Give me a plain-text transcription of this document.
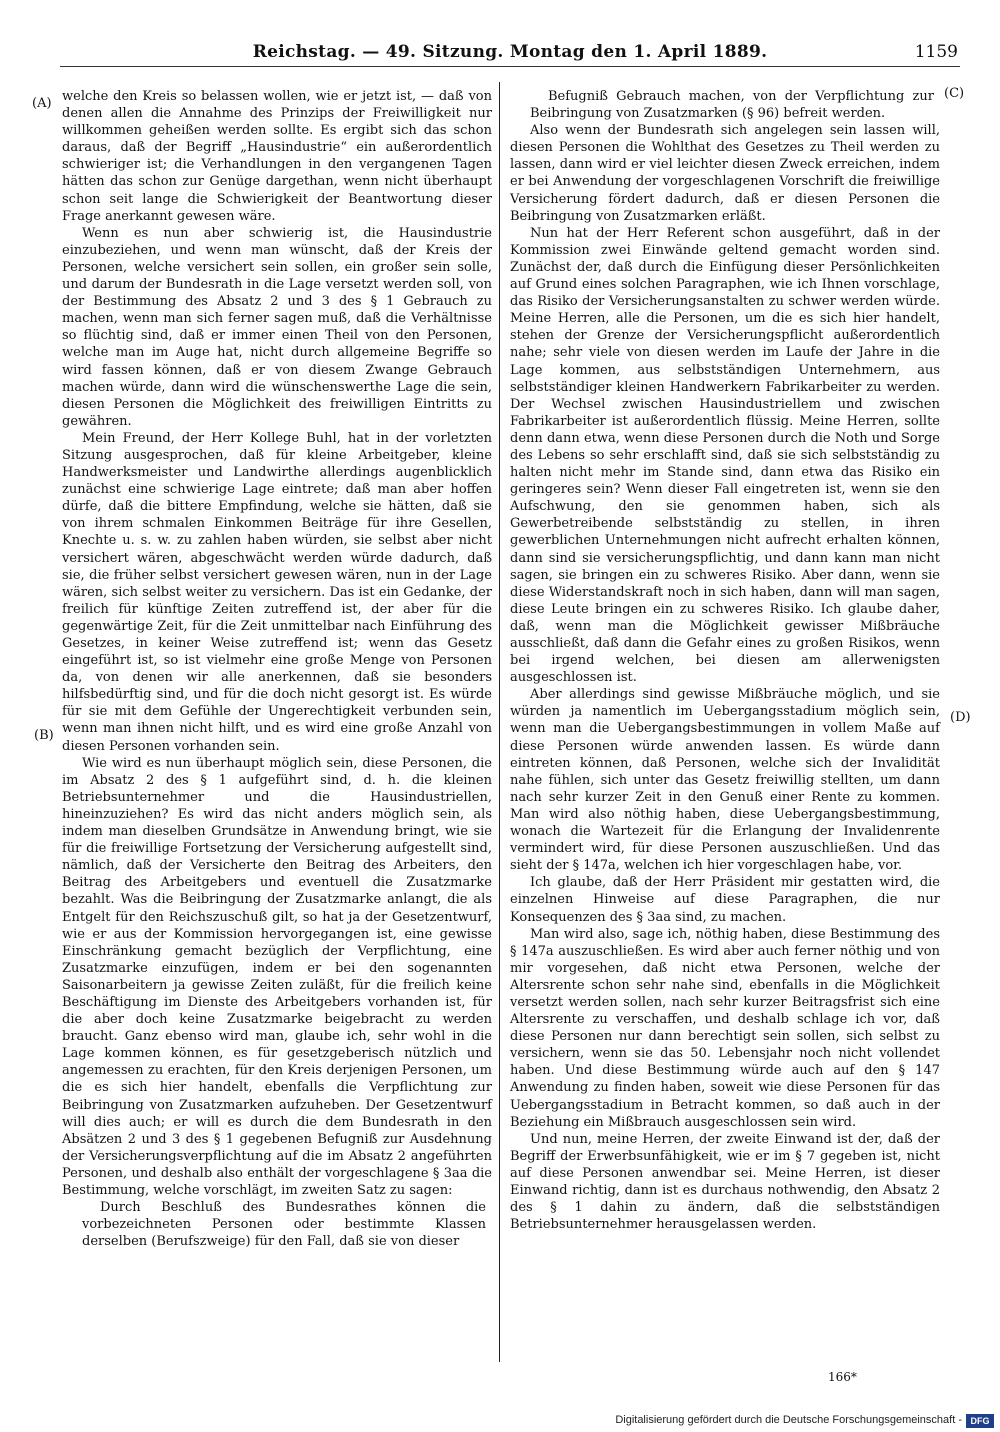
Reichstag. — 49. Sitzung. Montag den 1. April 1889.	1159
(A)
(B)
(C)
(D)

welche den Kreis so belassen wollen, wie er jetzt ist, — daß von denen allen die Annahme des Prinzips der Freiwilligkeit nur willkommen geheißen werden sollte. Es ergibt sich das schon daraus, daß der Begriff „Hausindustrie“ ein außerordentlich schwieriger ist; die Verhandlungen in den vergangenen Tagen hätten das schon zur Genüge dargethan, wenn nicht überhaupt schon seit lange die Schwierigkeit der Beantwortung dieser Frage anerkannt gewesen wäre.

Wenn es nun aber schwierig ist, die Hausindustrie einzubeziehen, und wenn man wünscht, daß der Kreis der Personen, welche versichert sein sollen, ein großer sein solle, und darum der Bundesrath in die Lage versetzt werden soll, von der Bestimmung des Absatz 2 und 3 des § 1 Gebrauch zu machen, wenn man sich ferner sagen muß, daß die Verhältnisse so flüchtig sind, daß er immer einen Theil von den Personen, welche man im Auge hat, nicht durch allgemeine Begriffe so wird fassen können, daß er von diesem Zwange Gebrauch machen würde, dann wird die wünschenswerthe Lage die sein, diesen Personen die Möglichkeit des freiwilligen Eintritts zu gewähren.

Mein Freund, der Herr Kollege Buhl, hat in der vorletzten Sitzung ausgesprochen, daß für kleine Arbeitgeber, kleine Handwerksmeister und Landwirthe allerdings augenblicklich zunächst eine schwierige Lage eintrete; daß man aber hoffen dürfe, daß die bittere Empfindung, welche sie hätten, daß sie von ihrem schmalen Einkommen Beiträge für ihre Gesellen, Knechte u. s. w. zu zahlen haben würden, sie selbst aber nicht versichert wären, abgeschwächt werden würde dadurch, daß sie, die früher selbst versichert gewesen wären, nun in der Lage wären, sich selbst weiter zu versichern. Das ist ein Gedanke, der freilich für künftige Zeiten zutreffend ist, der aber für die gegenwärtige Zeit, für die Zeit unmittelbar nach Einführung des Gesetzes, in keiner Weise zutreffend ist; wenn das Gesetz eingeführt ist, so ist vielmehr eine große Menge von Personen da, von denen wir alle anerkennen, daß sie besonders hilfsbedürftig sind, und für die doch nicht gesorgt ist. Es würde für sie mit dem Gefühle der Ungerechtigkeit verbunden sein, wenn man ihnen nicht hilft, und es wird eine große Anzahl von diesen Personen vorhanden sein.

Wie wird es nun überhaupt möglich sein, diese Personen, die im Absatz 2 des § 1 aufgeführt sind, d. h. die kleinen Betriebsunternehmer und die Hausindustriellen, hineinzuziehen? Es wird das nicht anders möglich sein, als indem man dieselben Grundsätze in Anwendung bringt, wie sie für die freiwillige Fortsetzung der Versicherung aufgestellt sind, nämlich, daß der Versicherte den Beitrag des Arbeiters, den Beitrag des Arbeitgebers und eventuell die Zusatzmarke bezahlt. Was die Beibringung der Zusatzmarke anlangt, die als Entgelt für den Reichszuschuß gilt, so hat ja der Gesetzentwurf, wie er aus der Kommission hervorgegangen ist, eine gewisse Einschränkung gemacht bezüglich der Verpflichtung, eine Zusatzmarke einzufügen, indem er bei den sogenannten Saisonarbeitern ja gewisse Zeiten zuläßt, für die freilich keine Beschäftigung im Dienste des Arbeitgebers vorhanden ist, für die aber doch keine Zusatzmarke beigebracht zu werden braucht. Ganz ebenso wird man, glaube ich, sehr wohl in die Lage kommen können, es für gesetzgeberisch nützlich und angemessen zu erachten, für den Kreis derjenigen Personen, um die es sich hier handelt, ebenfalls die Verpflichtung zur Beibringung von Zusatzmarken aufzuheben. Der Gesetzentwurf will dies auch; er will es durch die dem Bundesrath in den Absätzen 2 und 3 des § 1 gegebenen Befugniß zur Ausdehnung der Versicherungsverpflichtung auf die im Absatz 2 angeführten Personen, und deshalb also enthält der vorgeschlagene § 3aa die Bestimmung, welche vorschlägt, im zweiten Satz zu sagen:

Durch Beschluß des Bundesrathes können die vorbezeichneten Personen oder bestimmte Klassen derselben (Berufszweige) für den Fall, daß sie von dieser

Befugniß Gebrauch machen, von der Verpflichtung zur Beibringung von Zusatzmarken (§ 96) befreit werden.

Also wenn der Bundesrath sich angelegen sein lassen will, diesen Personen die Wohlthat des Gesetzes zu Theil werden zu lassen, dann wird er viel leichter diesen Zweck erreichen, indem er bei Anwendung der vorgeschlagenen Vorschrift die freiwillige Versicherung fördert dadurch, daß er diesen Personen die Beibringung von Zusatzmarken erläßt.

Nun hat der Herr Referent schon ausgeführt, daß in der Kommission zwei Einwände geltend gemacht worden sind. Zunächst der, daß durch die Einfügung dieser Persönlichkeiten auf Grund eines solchen Paragraphen, wie ich Ihnen vorschlage, das Risiko der Versicherungsanstalten zu schwer werden würde. Meine Herren, alle die Personen, um die es sich hier handelt, stehen der Grenze der Versicherungspflicht außerordentlich nahe; sehr viele von diesen werden im Laufe der Jahre in die Lage kommen, aus selbstständigen Unternehmern, aus selbstständiger kleinen Handwerkern Fabrikarbeiter zu werden. Der Wechsel zwischen Hausindustriellem und zwischen Fabrikarbeiter ist außerordentlich flüssig. Meine Herren, sollte denn dann etwa, wenn diese Personen durch die Noth und Sorge des Lebens so sehr erschlafft sind, daß sie sich selbstständig zu halten nicht mehr im Stande sind, dann etwa das Risiko ein geringeres sein? Wenn dieser Fall eingetreten ist, wenn sie den Aufschwung, den sie genommen haben, sich als Gewerbetreibende selbstständig zu stellen, in ihren gewerblichen Unternehmungen nicht aufrecht erhalten können, dann sind sie versicherungspflichtig, und dann kann man nicht sagen, sie bringen ein zu schweres Risiko. Aber dann, wenn sie diese Widerstandskraft noch in sich haben, dann will man sagen, diese Leute bringen ein zu schweres Risiko. Ich glaube daher, daß, wenn man die Möglichkeit gewisser Mißbräuche ausschließt, daß dann die Gefahr eines zu großen Risikos, wenn bei irgend welchen, bei diesen am allerwenigsten ausgeschlossen ist.

Aber allerdings sind gewisse Mißbräuche möglich, und sie würden ja namentlich im Uebergangsstadium möglich sein, wenn man die Uebergangsbestimmungen in vollem Maße auf diese Personen würde anwenden lassen. Es würde dann eintreten können, daß Personen, welche sich der Invalidität nahe fühlen, sich unter das Gesetz freiwillig stellten, um dann nach sehr kurzer Zeit in den Genuß einer Rente zu kommen. Man wird also nöthig haben, diese Uebergangsbestimmung, wonach die Wartezeit für die Erlangung der Invalidenrente vermindert wird, für diese Personen auszuschließen. Und das sieht der § 147a, welchen ich hier vorgeschlagen habe, vor.

Ich glaube, daß der Herr Präsident mir gestatten wird, die einzelnen Hinweise auf diese Paragraphen, die nur Konsequenzen des § 3aa sind, zu machen.

Man wird also, sage ich, nöthig haben, diese Bestimmung des § 147a auszuschließen. Es wird aber auch ferner nöthig und von mir vorgesehen, daß nicht etwa Personen, welche der Altersrente schon sehr nahe sind, ebenfalls in die Möglichkeit versetzt werden sollen, nach sehr kurzer Beitragsfrist sich eine Altersrente zu verschaffen, und deshalb schlage ich vor, daß diese Personen nur dann berechtigt sein sollen, sich selbst zu versichern, wenn sie das 50. Lebensjahr noch nicht vollendet haben. Und diese Bestimmung würde auch auf den § 147 Anwendung zu finden haben, soweit wie diese Personen für das Uebergangsstadium in Betracht kommen, so daß auch in der Beziehung ein Mißbrauch ausgeschlossen sein wird.

Und nun, meine Herren, der zweite Einwand ist der, daß der Begriff der Erwerbsunfähigkeit, wie er im § 7 gegeben ist, nicht auf diese Personen anwendbar sei. Meine Herren, ist dieser Einwand richtig, dann ist es durchaus nothwendig, den Absatz 2 des § 1 dahin zu ändern, daß die selbstständigen Betriebsunternehmer herausgelassen werden.

166*
Digitalisierung gefördert durch die Deutsche Forschungsgemeinschaft - DFG
